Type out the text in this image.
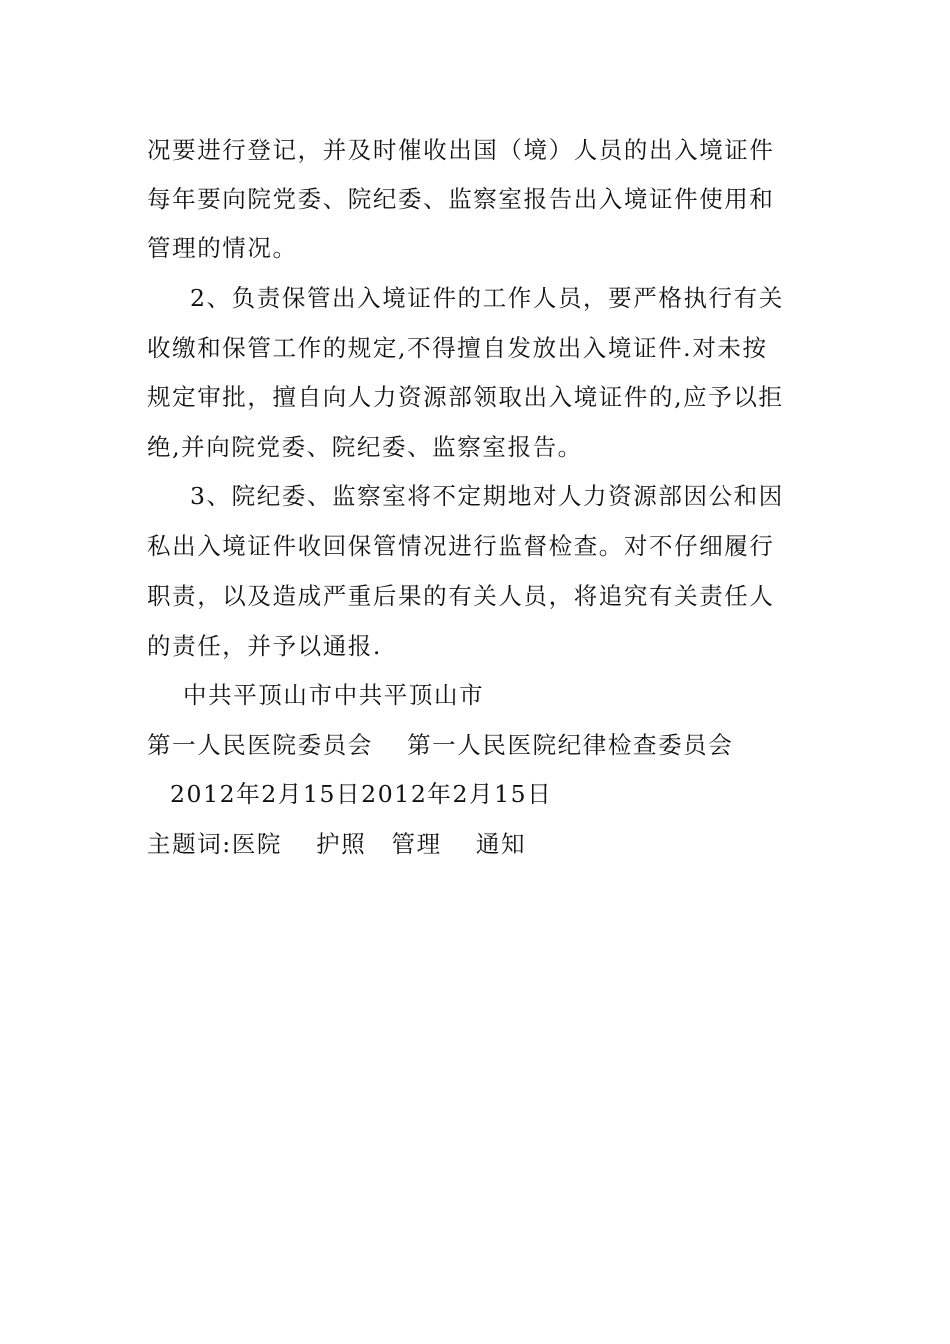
况要进行登记，并及时催收出国（境）人员的出入境证件
每年要向院党委、院纪委、监察室报告出入境证件使用和
管理的情况。
2、负责保管出入境证件的工作人员，要严格执行有关
收缴和保管工作的规定,不得擅自发放出入境证件.对未按
规定审批，擅自向人力资源部领取出入境证件的,应予以拒
绝,并向院党委、院纪委、监察室报告。
3、院纪委、监察室将不定期地对人力资源部因公和因
私出入境证件收回保管情况进行监督检查。对不仔细履行
职责，以及造成严重后果的有关人员，将追究有关责任人
的责任，并予以通报.
中共平顶山市中共平顶山市
第一人民医院委员会　 第一人民医院纪律检查委员会
2012年2月15日2012年2月15日
主题词:医院　 护照　管理　 通知
